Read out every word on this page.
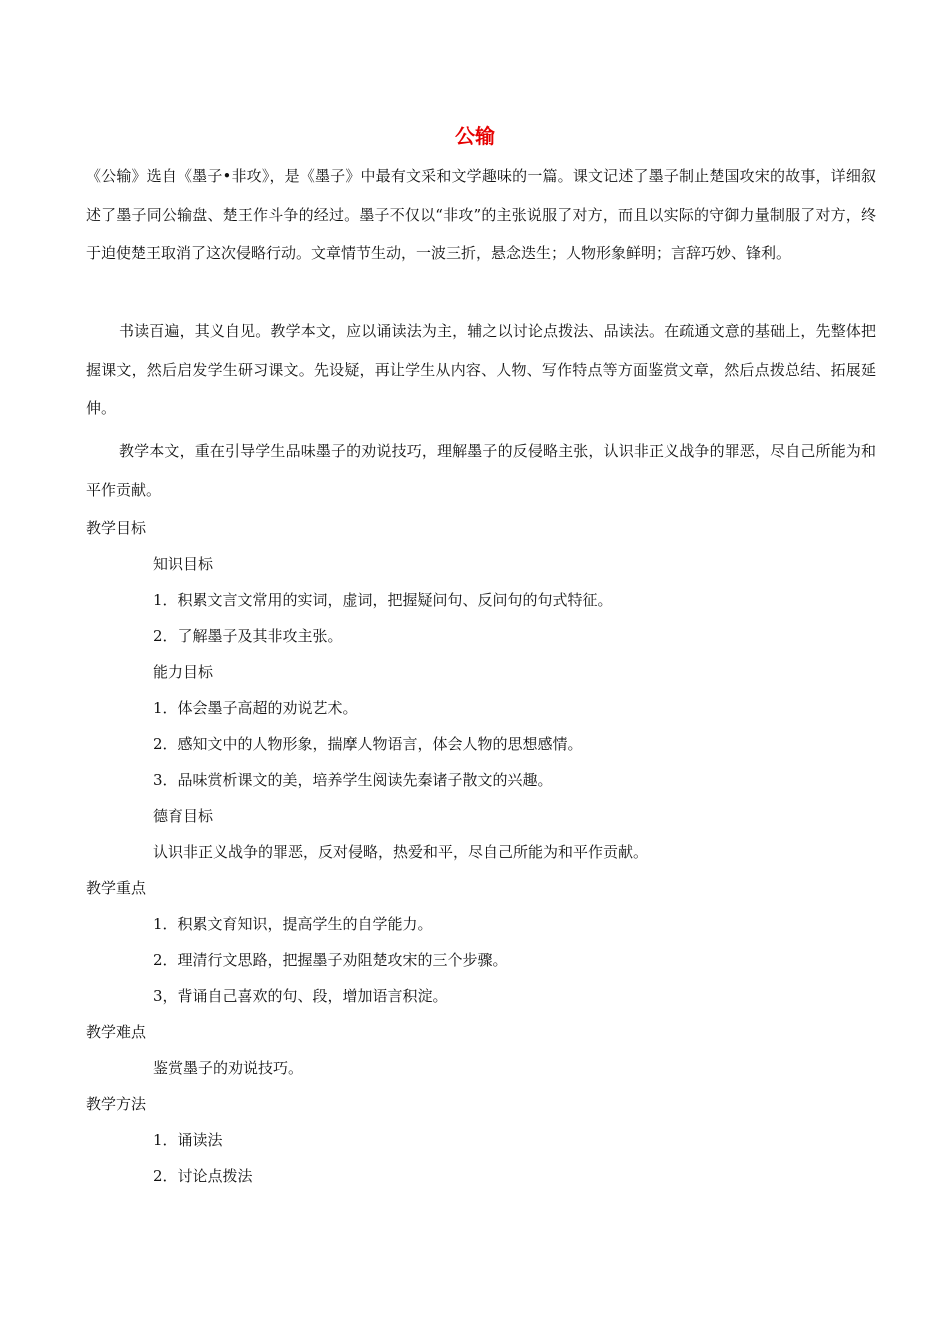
公输

《公输》选自《墨子•非攻》，是《墨子》中最有文采和文学趣味的一篇。课文记述了墨子制止楚国攻宋的故事，详细叙述了墨子同公输盘、楚王作斗争的经过。墨子不仅以“非攻”的主张说服了对方，而且以实际的守御力量制服了对方，终于迫使楚王取消了这次侵略行动。文章情节生动，一波三折，悬念迭生；人物形象鲜明；言辞巧妙、锋利。

书读百遍，其义自见。教学本文，应以诵读法为主，辅之以讨论点拨法、品读法。在疏通文意的基础上，先整体把握课文，然后启发学生研习课文。先设疑，再让学生从内容、人物、写作特点等方面鉴赏文章，然后点拨总结、拓展延伸。

教学本文，重在引导学生品味墨子的劝说技巧，理解墨子的反侵略主张，认识非正义战争的罪恶，尽自己所能为和平作贡献。

教学目标
知识目标
1．积累文言文常用的实词，虚词，把握疑问句、反问句的句式特征。
2．了解墨子及其非攻主张。
能力目标
1．体会墨子高超的劝说艺术。
2．感知文中的人物形象，揣摩人物语言，体会人物的思想感情。
3．品味赏析课文的美，培养学生阅读先秦诸子散文的兴趣。
德育目标
认识非正义战争的罪恶，反对侵略，热爱和平，尽自己所能为和平作贡献。
教学重点
1．积累文育知识，提高学生的自学能力。
2．理清行文思路，把握墨子劝阻楚攻宋的三个步骤。
3，背诵自己喜欢的句、段，增加语言积淀。
教学难点
鉴赏墨子的劝说技巧。
教学方法
1．诵读法
2．讨论点拨法
